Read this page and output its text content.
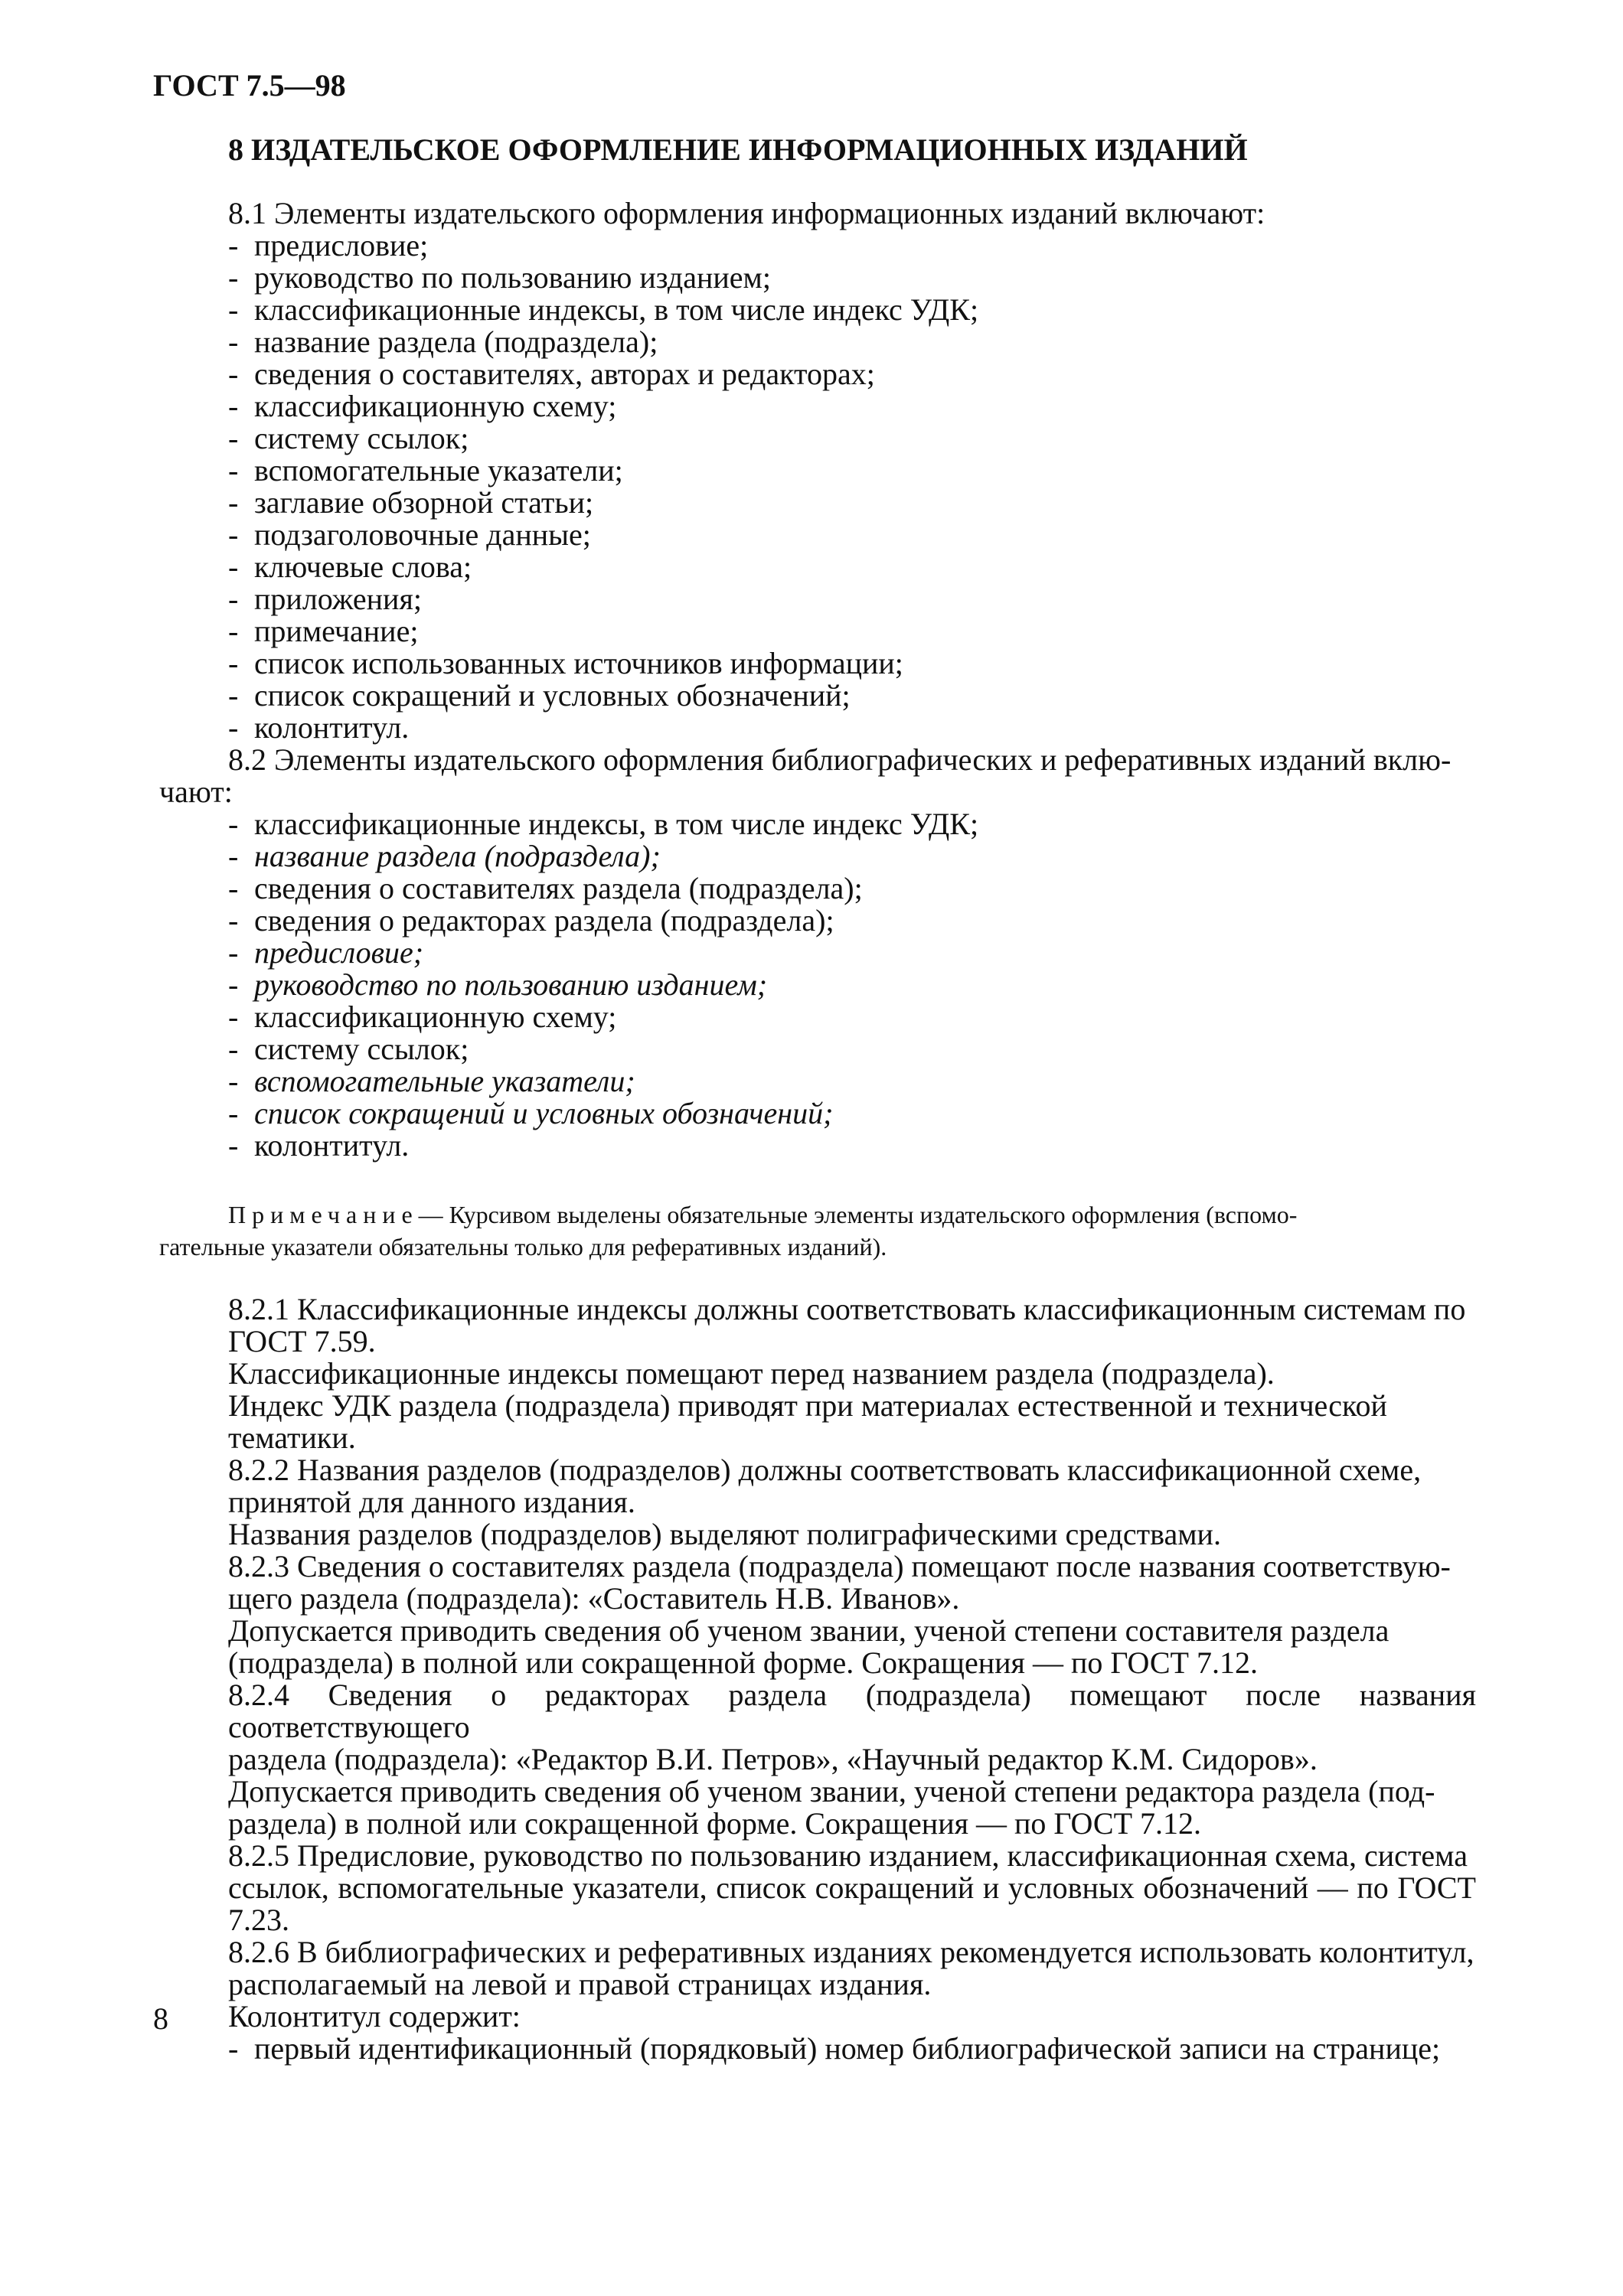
ГОСТ 7.5—98
8 ИЗДАТЕЛЬСКОЕ ОФОРМЛЕНИЕ ИНФОРМАЦИОННЫХ ИЗДАНИЙ

8.1 Элементы издательского оформления информационных изданий включают:

- предисловие;
- руководство по пользованию изданием;
- классификационные индексы, в том числе индекс УДК;
- название раздела (подраздела);
- сведения о составителях, авторах и редакторах;
- классификационную схему;
- систему ссылок;
- вспомогательные указатели;
- заглавие обзорной статьи;
- подзаголовочные данные;
- ключевые слова;
- приложения;
- примечание;
- список использованных источников информации;
- список сокращений и условных обозначений;
- колонтитул.

8.2 Элементы издательского оформления библиографических и реферативных изданий вклю-

чают:

- классификационные индексы, в том числе индекс УДК;
- название раздела (подраздела);
- сведения о составителях раздела (подраздела);
- сведения о редакторах раздела (подраздела);
- предисловие;
- руководство по пользованию изданием;
- классификационную схему;
- систему ссылок;
- вспомогательные указатели;
- список сокращений и условных обозначений;
- колонтитул.
Примечание— Курсивом выделены обязательные элементы издательского оформления (вспомо-
гательные указатели обязательны только для реферативных изданий).

8.2.1 Классификационные индексы должны соответствовать классификационным системам по

ГОСТ 7.59.

Классификационные индексы помещают перед названием раздела (подраздела).

Индекс УДК раздела (подраздела) приводят при материалах естественной и технической

тематики.

8.2.2 Названия разделов (подразделов) должны соответствовать классификационной схеме,

принятой для данного издания.

Названия разделов (подразделов) выделяют полиграфическими средствами.

8.2.3 Сведения о составителях раздела (подраздела) помещают после названия соответствую-

щего раздела (подраздела): «Составитель Н.В. Иванов».

Допускается приводить сведения об ученом звании, ученой степени составителя раздела

(подраздела) в полной или сокращенной форме. Сокращения — по ГОСТ 7.12.

8.2.4 Сведения о редакторах раздела (подраздела) помещают после названия соответствующего

раздела (подраздела): «Редактор В.И. Петров», «Научный редактор К.М. Сидоров».

Допускается приводить сведения об ученом звании, ученой степени редактора раздела (под-

раздела) в полной или сокращенной форме. Сокращения — по ГОСТ 7.12.

8.2.5 Предисловие, руководство по пользованию изданием, классификационная схема, система

ссылок, вспомогательные указатели, список сокращений и условных обозначений — по ГОСТ 7.23.

8.2.6 В библиографических и реферативных изданиях рекомендуется использовать колонтитул,

располагаемый на левой и правой страницах издания.

Колонтитул содержит:

- первый идентификационный (порядковый) номер библиографической записи на странице;
8
